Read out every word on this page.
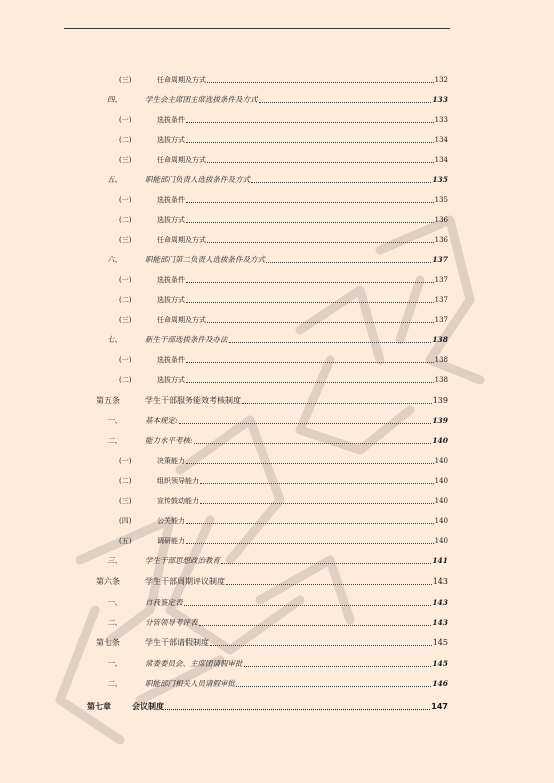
(三)	任命周期及方式	132
四、	学生会主席团主席选拔条件及方式	133
(一)	选拔条件	133
(二)	选拔方式	134
(三)	任命周期及方式	134
五、	职能部门负责人选拔条件及方式	135
(一)	选拔条件	135
(二)	选拔方式	136
(三)	任命周期及方式	136
六、	职能部门第二负责人选拔条件及方式	137
(一)	选拔条件	137
(二)	选拔方式	137
(三)	任命周期及方式	137
七、	新生干部选拔条件及办法	138
(一)	选拔条件	138
(二)	选拔方式	138
第五条	学生干部服务能效考核制度	139
一、	基本规定:	139
二、	能力水平考核:	140
(一)	决策能力	140
(二)	组织领导能力	140
(三)	宣传鼓动能力	140
(四)	公关能力	140
(五)	调研能力	140
三、	学生干部思想政治教育	141
第六条	学生干部周期评议制度	143
一、	自我鉴定表	143
二、	分管领导考评表	143
第七条	学生干部请假制度	145
一、	常委委员会、主席团请假审批	145
二、	职能部门相关人员请假审批	146
第七章	会议制度	147
